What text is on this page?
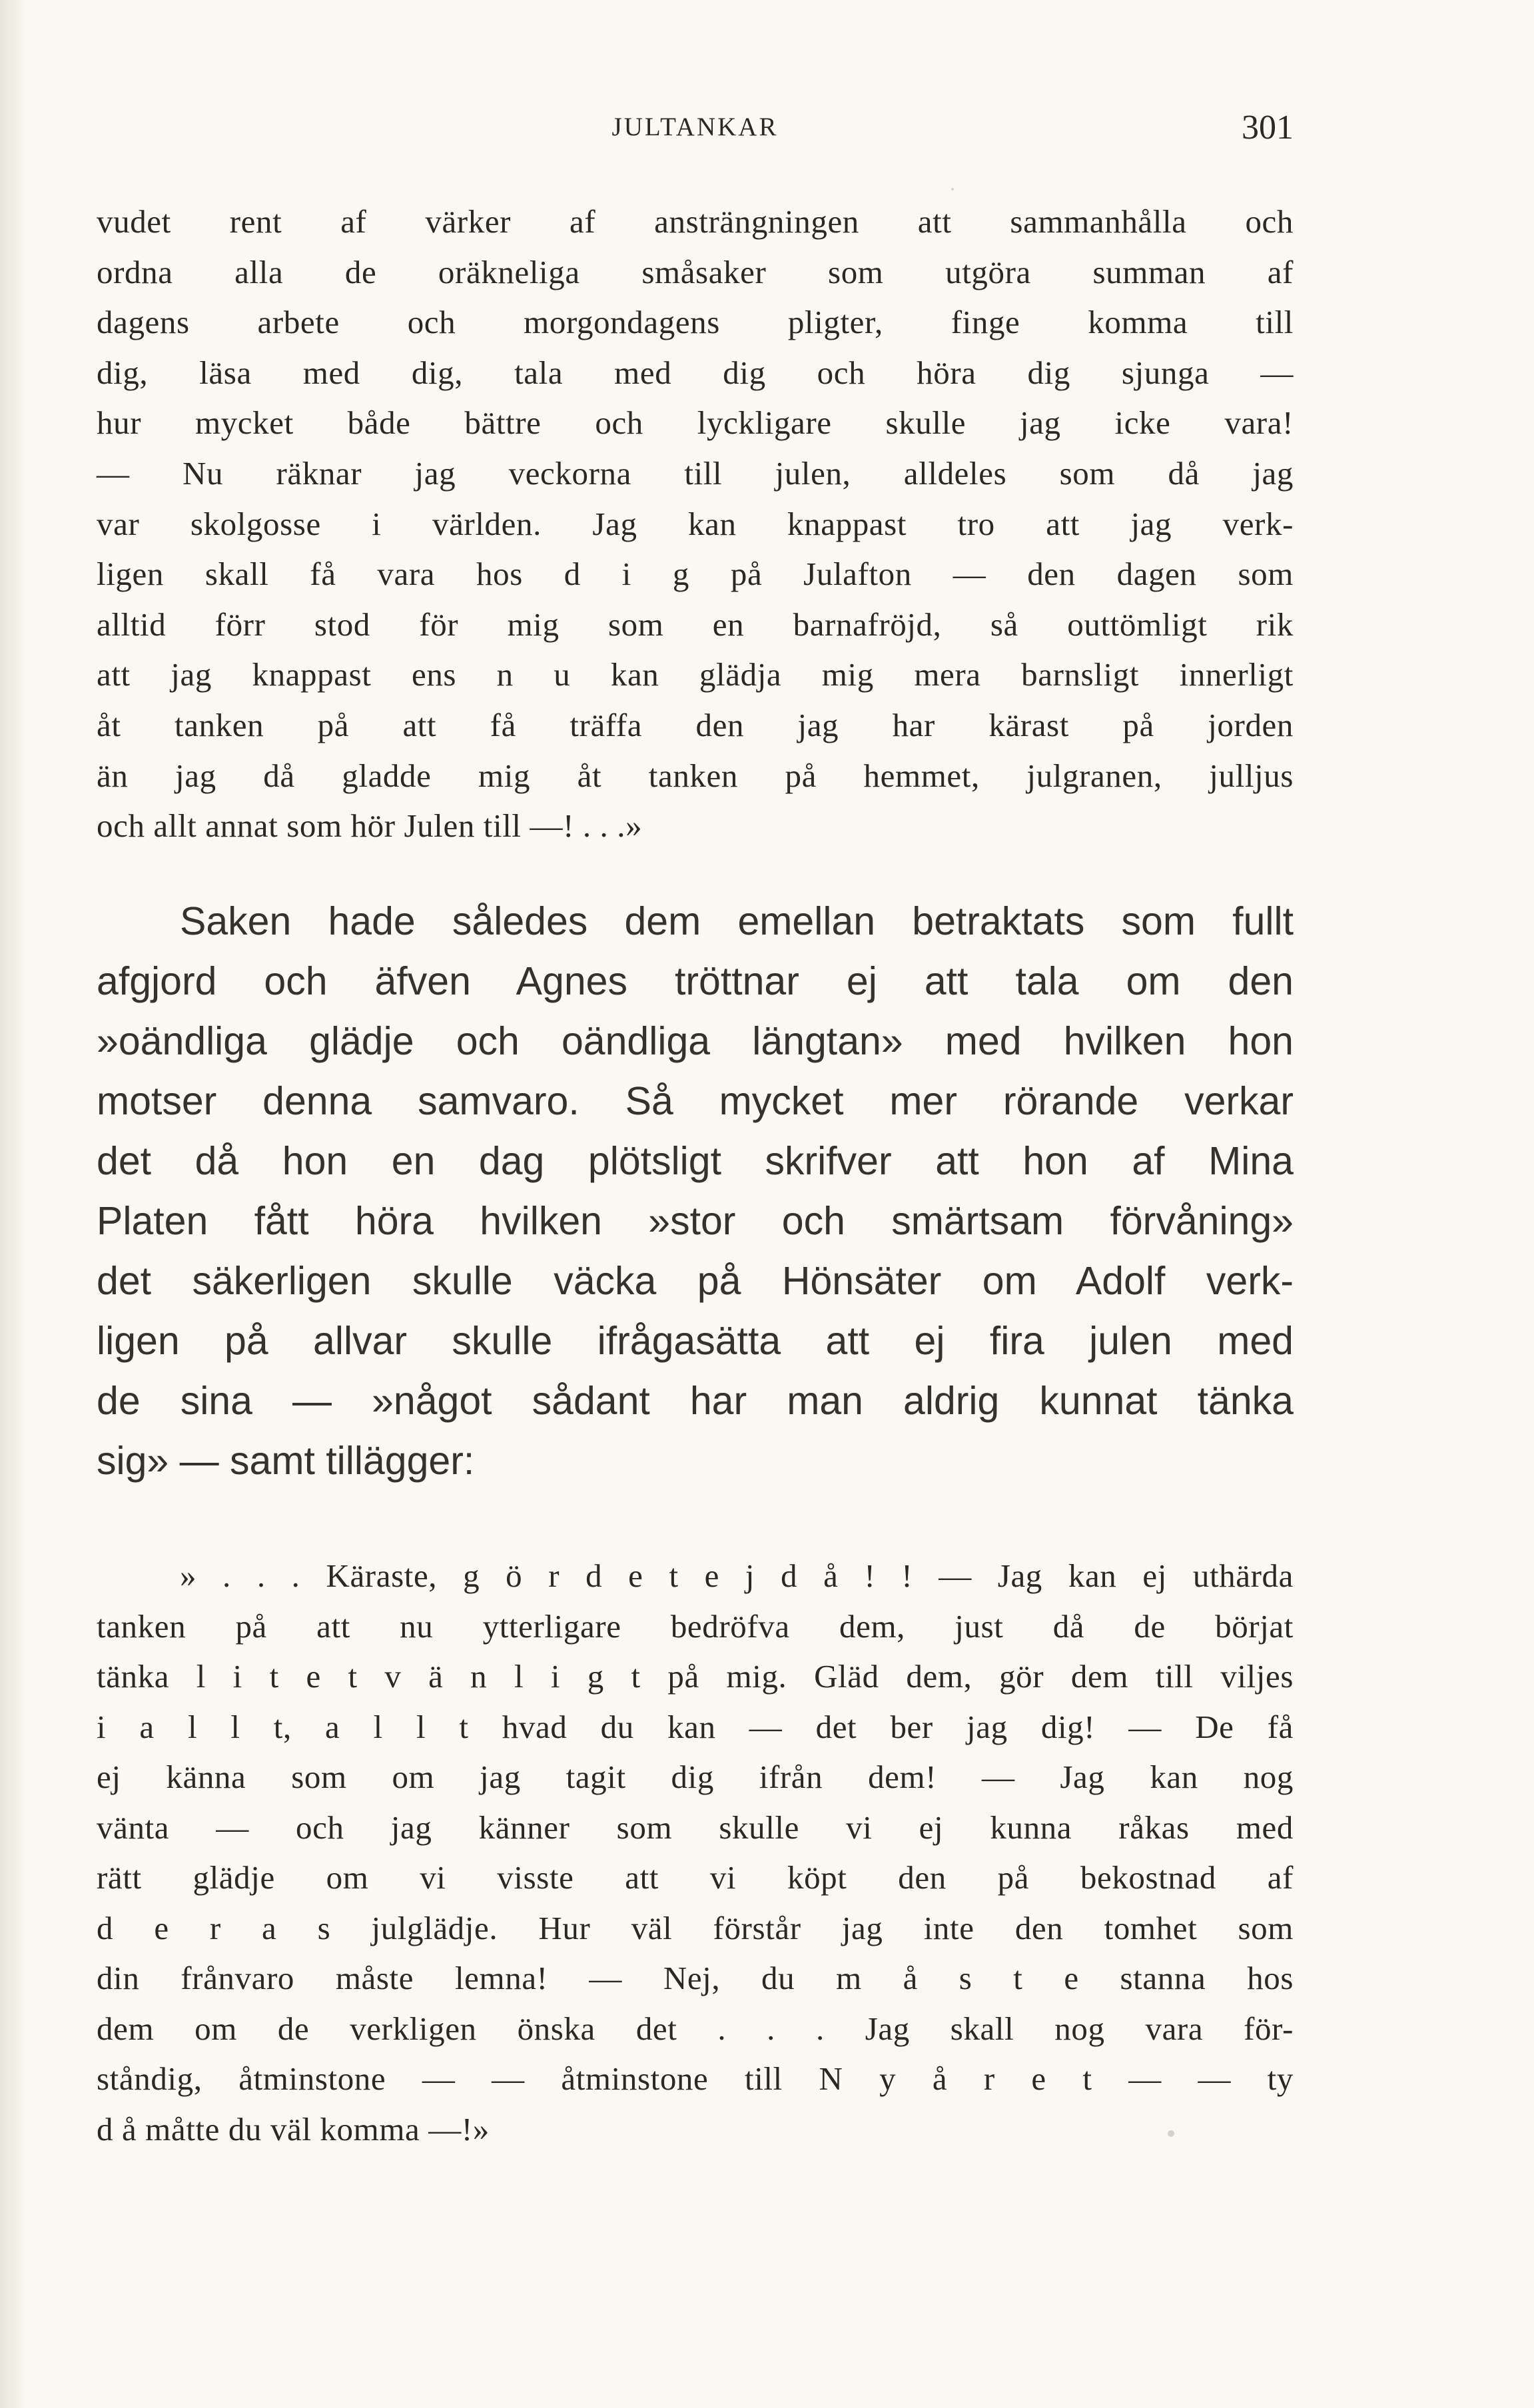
JULTANKAR	301
vudet rent af värker af ansträngningen att sammanhålla och
ordna alla de oräkneliga småsaker som utgöra summan af
dagens arbete och morgondagens pligter, finge komma till
dig, läsa med dig, tala med dig och höra dig sjunga —
hur mycket både bättre och lyckligare skulle jag icke vara!
— Nu räknar jag veckorna till julen, alldeles som då jag
var skolgosse i världen. Jag kan knappast tro att jag verk-
ligen skall få vara hos d i g på Julafton — den dagen som
alltid förr stod för mig som en barnafröjd, så outtömligt rik
att jag knappast ens n u kan glädja mig mera barnsligt innerligt
åt tanken på att få träffa den jag har kärast på jorden
än jag då gladde mig åt tanken på hemmet, julgranen, julljus
och allt annat som hör Julen till —! . . .»
Saken hade således dem emellan betraktats som fullt
afgjord och äfven Agnes tröttnar ej att tala om den
»oändliga glädje och oändliga längtan» med hvilken hon
motser denna samvaro. Så mycket mer rörande verkar
det då hon en dag plötsligt skrifver att hon af Mina
Platen fått höra hvilken »stor och smärtsam förvåning»
det säkerligen skulle väcka på Hönsäter om Adolf verk-
ligen på allvar skulle ifrågasätta att ej fira julen med
de sina — »något sådant har man aldrig kunnat tänka
sig» — samt tillägger:
» . . . Käraste, g ö r d e t e j d å ! ! — Jag kan ej uthärda
tanken på att nu ytterligare bedröfva dem, just då de börjat
tänka l i t e t v ä n l i g t på mig. Gläd dem, gör dem till viljes
i a l l t, a l l t hvad du kan — det ber jag dig! — De få
ej känna som om jag tagit dig ifrån dem! — Jag kan nog
vänta — och jag känner som skulle vi ej kunna råkas med
rätt glädje om vi visste att vi köpt den på bekostnad af
d e r a s julglädje. Hur väl förstår jag inte den tomhet som
din frånvaro måste lemna! — Nej, du m å s t e stanna hos
dem om de verkligen önska det . . . Jag skall nog vara för-
ståndig, åtminstone — — åtminstone till N y å r e t — — ty
d å måtte du väl komma —!»
